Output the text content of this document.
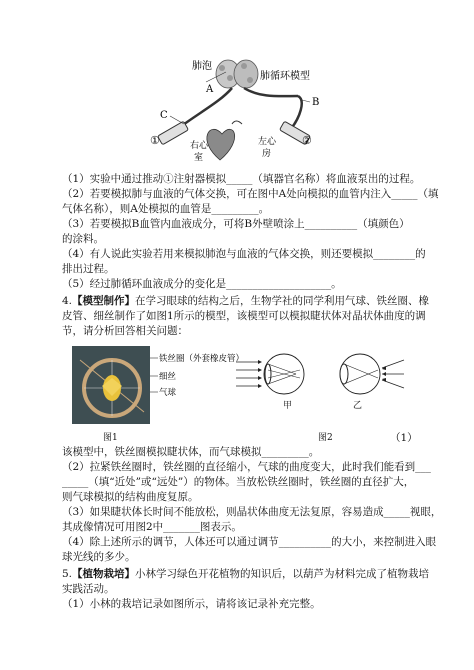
肺泡
肺循环模型
A
B
C
①	②
右心
室
左心
房
（1）实验中通过推动①注射器模拟_____（填器官名称）将血液泵出的过程。
（2）若要模拟肺与血液的气体交换，可在图中A处向模拟的血管内注入_____（填
气体名称），则A处模拟的血管是_________。
（3）若要模拟B血管内血液成分，可将B外壁喷涂上__________（填颜色）
的涂料。
（4）有人说此实验若用来模拟肺泡与血液的气体交换，则还要模拟________的
排出过程。
（5）经过肺循环血液成分的变化是____________________。
4.【模型制作】在学习眼球的结构之后，生物学社的同学利用气球、铁丝圈、橡
皮管、细丝制作了如图1所示的模型，该模型可以模拟睫状体对晶状体曲度的调
节，请分析回答相关问题：
铁丝圈（外套橡皮管）
细丝
气球
甲	乙
图1	图2	（1）
该模型中，铁丝圈模拟睫状体，而气球模拟_________。
（2）拉紧铁丝圈时，铁丝圈的直径缩小，气球的曲度变大，此时我们能看到___
_____（填“近处”或“远处”）的物体。当放松铁丝圈时，铁丝圈的直径扩大，
则气球模拟的结构曲度复原。
（3）如果睫状体长时间不能放松，则晶状体曲度无法复原，容易造成_____视眼，
其成像情况可用图2中_______图表示。
（4）除上述所示的调节，人体还可以通过调节__________的大小，来控制进入眼
球光线的多少。
5.【植物栽培】小林学习绿色开花植物的知识后，以葫芦为材料完成了植物栽培
实践活动。
（1）小林的栽培记录如图所示，请将该记录补充完整。
